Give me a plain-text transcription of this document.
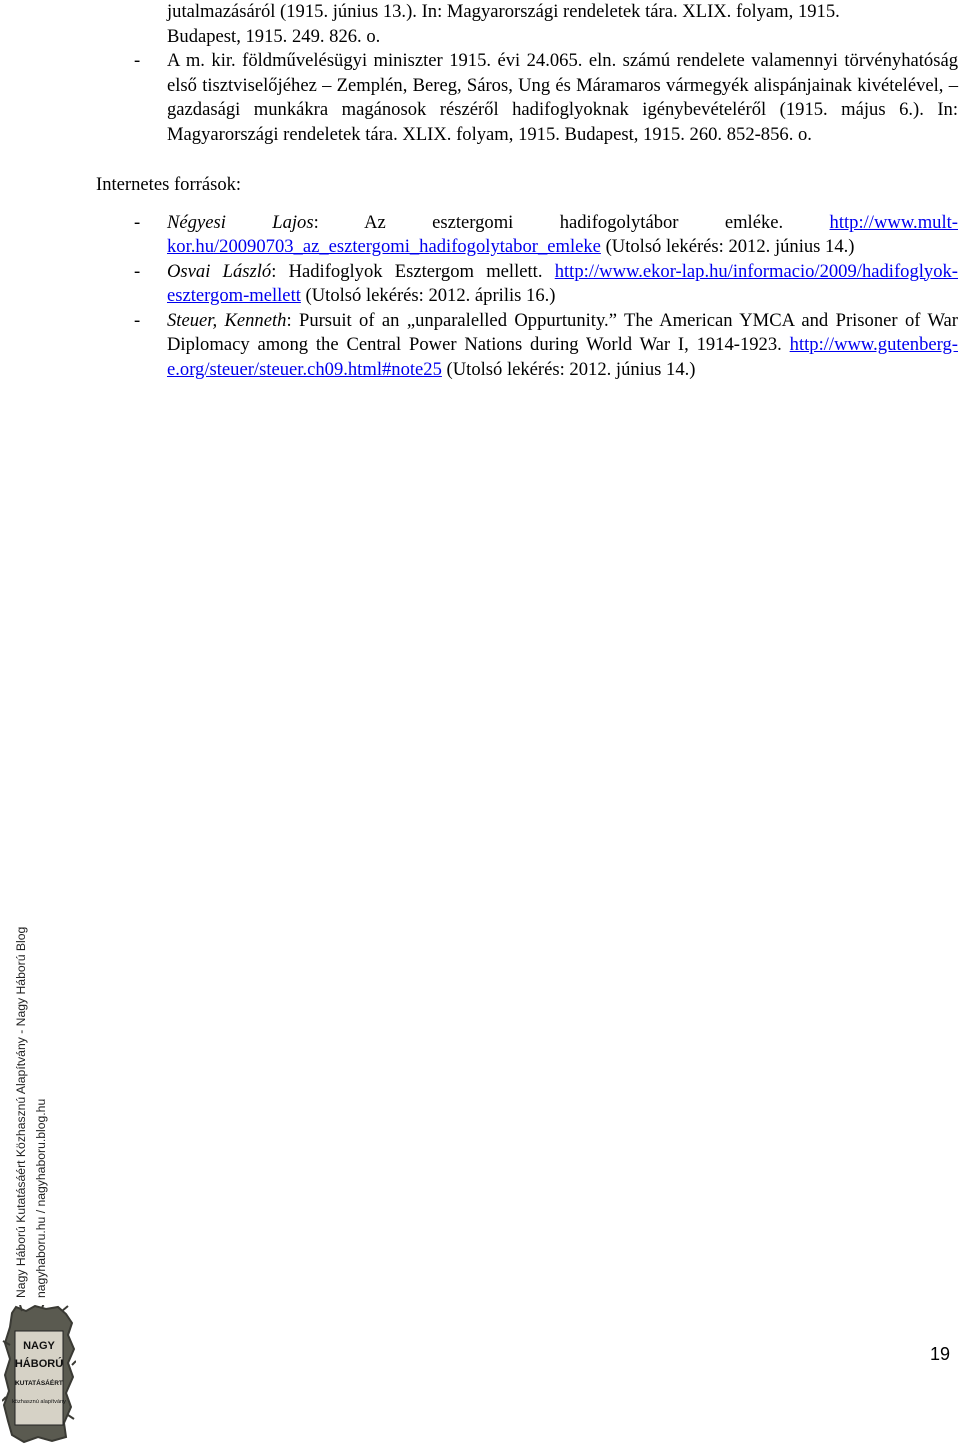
jutalmazásáról (1915. június 13.). In: Magyarországi rendeletek tára. XLIX. folyam, 1915.
Budapest, 1915. 249. 826. o.
- A m. kir. földművelésügyi miniszter 1915. évi 24.065. eln. számú rendelete valamennyi törvényhatóság első tisztviselőjéhez – Zemplén, Bereg, Sáros, Ung és Máramaros vármegyék alispánjainak kivételével, – gazdasági munkákra magánosok részéről hadifoglyoknak igénybevételéről (1915. május 6.). In: Magyarországi rendeletek tára. XLIX. folyam, 1915. Budapest, 1915. 260. 852-856. o.
Internetes források:
- Négyesi Lajos: Az esztergomi hadifogolytábor emléke. http://www.mult-kor.hu/20090703_az_esztergomi_hadifogolytabor_emleke (Utolsó lekérés: 2012. június 14.)
- Osvai László: Hadifoglyok Esztergom mellett. http://www.ekor-lap.hu/informacio/2009/hadifoglyok-esztergom-mellett (Utolsó lekérés: 2012. április 16.)
- Steuer, Kenneth: Pursuit of an „unparalelled Oppurtunity.” The American YMCA and Prisoner of War Diplomacy among the Central Power Nations during World War I, 1914-1923. http://www.gutenberg-e.org/steuer/steuer.ch09.html#note25 (Utolsó lekérés: 2012. június 14.)
Nagy Háború Kutatásáért Közhasznú Alapítvány - Nagy Háború Blog nagyhaboru.hu / nagyhaboru.blog.hu
NAGY
HÁBORÚ
KUTATÁSÁÉRT
közhasznú alapítvány
19
